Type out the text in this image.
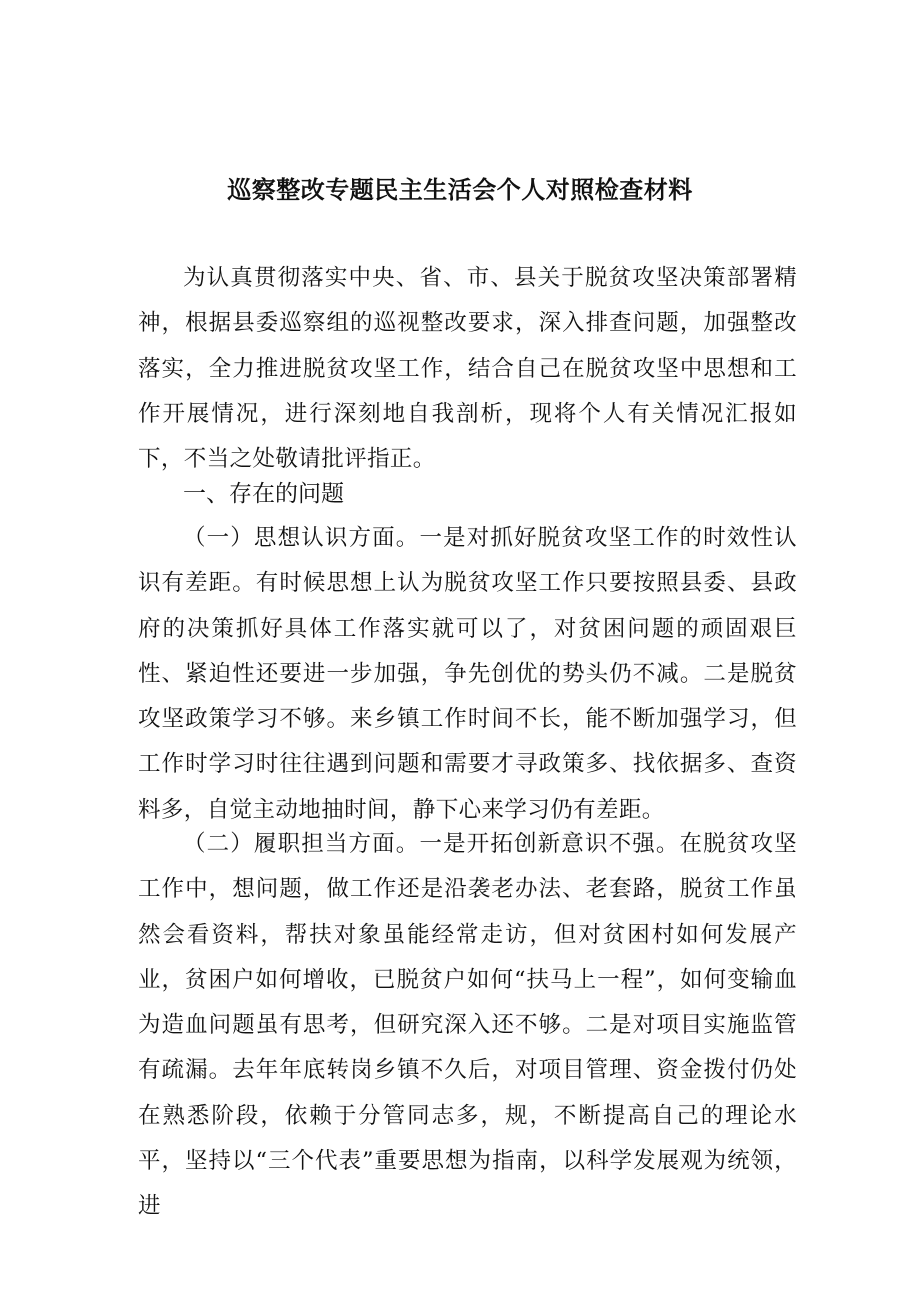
巡察整改专题民主生活会个人对照检查材料

为认真贯彻落实中央、省、市、县关于脱贫攻坚决策部署精神，根据县委巡察组的巡视整改要求，深入排查问题，加强整改落实，全力推进脱贫攻坚工作，结合自己在脱贫攻坚中思想和工作开展情况，进行深刻地自我剖析，现将个人有关情况汇报如下，不当之处敬请批评指正。

一、存在的问题

（一）思想认识方面。一是对抓好脱贫攻坚工作的时效性认识有差距。有时候思想上认为脱贫攻坚工作只要按照县委、县政府的决策抓好具体工作落实就可以了，对贫困问题的顽固艰巨性、紧迫性还要进一步加强，争先创优的势头仍不减。二是脱贫攻坚政策学习不够。来乡镇工作时间不长，能不断加强学习，但工作时学习时往往遇到问题和需要才寻政策多、找依据多、查资料多，自觉主动地抽时间，静下心来学习仍有差距。

（二）履职担当方面。一是开拓创新意识不强。在脱贫攻坚工作中，想问题，做工作还是沿袭老办法、老套路，脱贫工作虽然会看资料，帮扶对象虽能经常走访，但对贫困村如何发展产业，贫困户如何增收，已脱贫户如何“扶马上一程”，如何变输血为造血问题虽有思考，但研究深入还不够。二是对项目实施监管有疏漏。去年年底转岗乡镇不久后，对项目管理、资金拨付仍处在熟悉阶段，依赖于分管同志多，规，不断提高自己的理论水平，坚持以“三个代表”重要思想为指南，以科学发展观为统领，进
